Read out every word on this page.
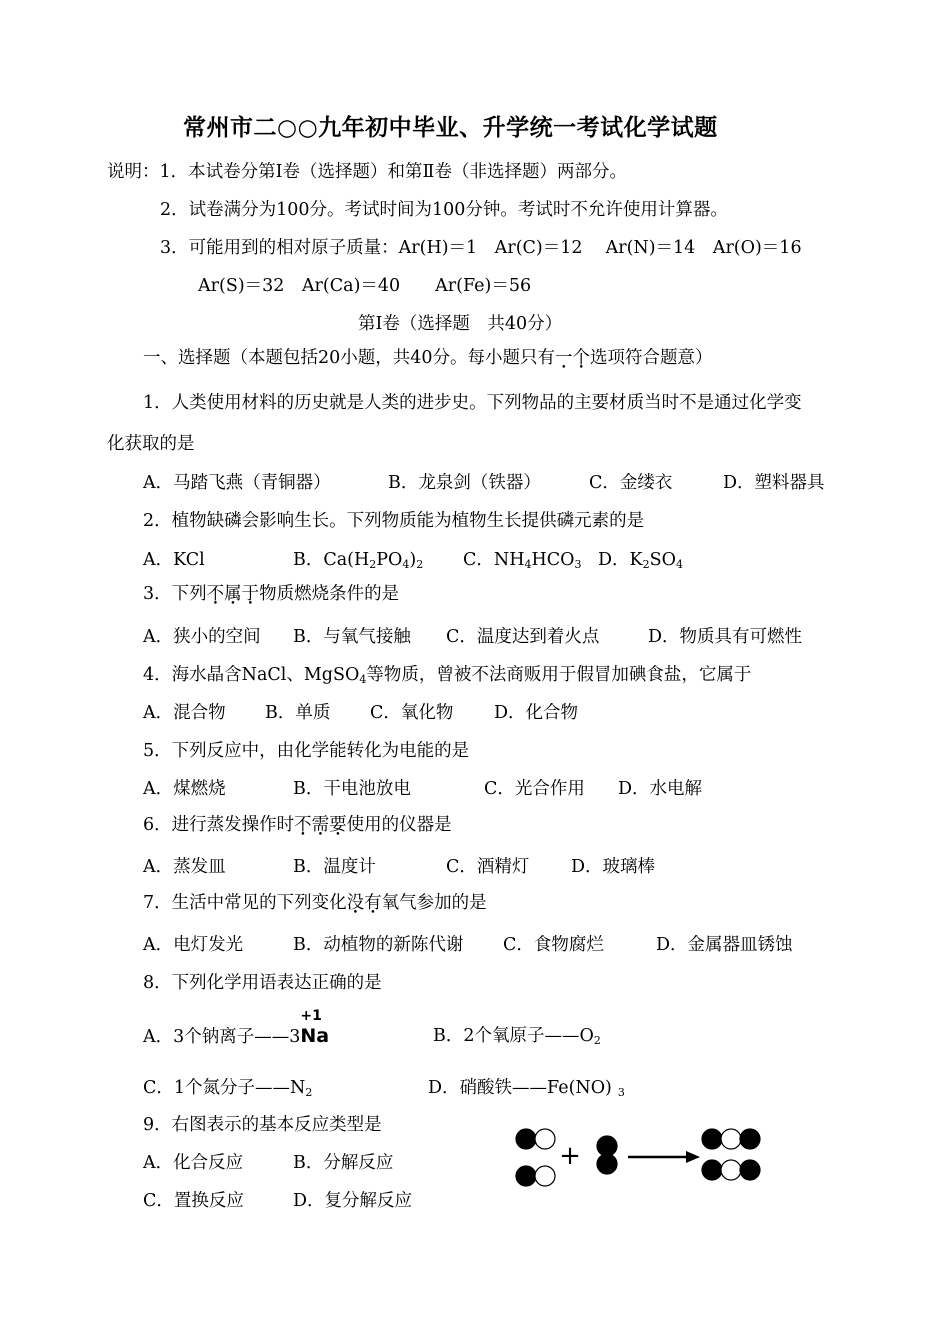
常州市二○○九年初中毕业、升学统一考试化学试题
说明：1．本试卷分第Ⅰ卷（选择题）和第Ⅱ卷（非选择题）两部分。
2．试卷满分为100分。考试时间为100分钟。考试时不允许使用计算器。
3．可能用到的相对原子质量：Ar(H)＝1　Ar(C)＝12　 Ar(N)＝14　Ar(O)＝16
Ar(S)＝32　Ar(Ca)＝40　　Ar(Fe)＝56
第Ⅰ卷（选择题　共40分）
一、选择题（本题包括20小题，共40分。每小题只有一个选项符合题意）
1．人类使用材料的历史就是人类的进步史。下列物品的主要材质当时不是通过化学变
化获取的是
A．马踏飞燕（青铜器）	B．龙泉剑（铁器）	C．金缕衣	D．塑料器具
2．植物缺磷会影响生长。下列物质能为植物生长提供磷元素的是
A．KCl	B．$Ca(H_2PO_4)_2$ C．$NH_4HCO_3$ D．$K_2SO_4$
3．下列不属于物质燃烧条件的是
A．狭小的空间 B．与氧气接触 C．温度达到着火点	D．物质具有可燃性
4．海水晶含NaCl、MgSO$_4$等物质，曾被不法商贩用于假冒加碘食盐，它属于
A．混合物 B．单质 C．氧化物 D．化合物
5．下列反应中，由化学能转化为电能的是
A．煤燃烧	B．干电池放电	C．光合作用 D．水电解
6．进行蒸发操作时不需要使用的仪器是
A．蒸发皿	B．温度计	C．酒精灯 D．玻璃棒
7．生活中常见的下列变化没有氧气参加的是
A．电灯发光	B．动植物的新陈代谢 C．食物腐烂	D．金属器皿锈蚀
8．下列化学用语表达正确的是
A．3个钠离子——3
+1
Na	B．2个氧原子$——O_2$
C．1个氮分子$——N_2$	D．硝酸铁——Fe(NO) $_3$
9．右图表示的基本反应类型是
A．化合反应	B．分解反应
C．置换反应	D．复分解反应
+
